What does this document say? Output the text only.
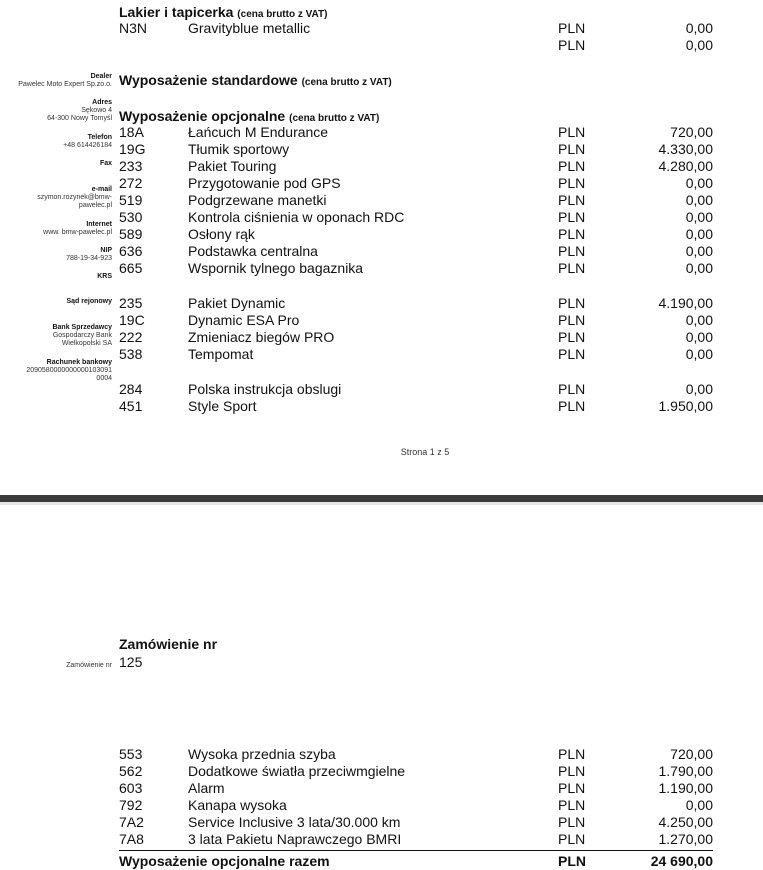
Lakier i tapicerka (cena brutto z VAT)
N3N	Gravityblue metallic	PLN	0,00
PLN	0,00
Wyposażenie standardowe (cena brutto z VAT)
Wyposażenie opcjonalne (cena brutto z VAT)
18A	Łańcuch M Endurance	PLN	720,00
19G	Tłumik sportowy	PLN	4.330,00
233	Pakiet Touring	PLN	4.280,00
272	Przygotowanie pod GPS	PLN	0,00
519	Podgrzewane manetki	PLN	0,00
530	Kontrola ciśnienia w oponach RDC	PLN	0,00
589	Osłony rąk	PLN	0,00
636	Podstawka centralna	PLN	0,00
665	Wspornik tylnego bagaznika	PLN	0,00
235	Pakiet Dynamic	PLN	4.190,00
19C	Dynamic ESA Pro	PLN	0,00
222	Zmieniacz biegów PRO	PLN	0,00
538	Tempomat	PLN	0,00
284	Polska instrukcja obslugi	PLN	0,00
451	Style Sport	PLN	1.950,00
Dealer
Pawelec Moto Expert Sp.zo.o.
Adres
Sękowo 4
64-300 Nowy Tomyśl
Telefon
+48 614426184
Fax
e-mail
szymon.rozynek@bmw-
pawelec.pl
Internet
www. bmw-pawelec.pl
NIP
788-19-34-923
KRS
Sąd rejonowy
Bank Sprzedawcy
Gospodarczy Bank
Wielkopolski SA
Rachunek bankowy
2090580000000000103091
0004
Strona 1 z 5
Zamówienie nr
Zamówienie nr 125
553	Wysoka przednia szyba	PLN	720,00
562	Dodatkowe światła przeciwmgielne	PLN	1.790,00
603	Alarm	PLN	1.190,00
792	Kanapa wysoka	PLN	0,00
7A2	Service Inclusive 3 lata/30.000 km	PLN	4.250,00
7A8	3 lata Pakietu Naprawczego BMRI	PLN	1.270,00
Wyposażenie opcjonalne razem	PLN	24 690,00
